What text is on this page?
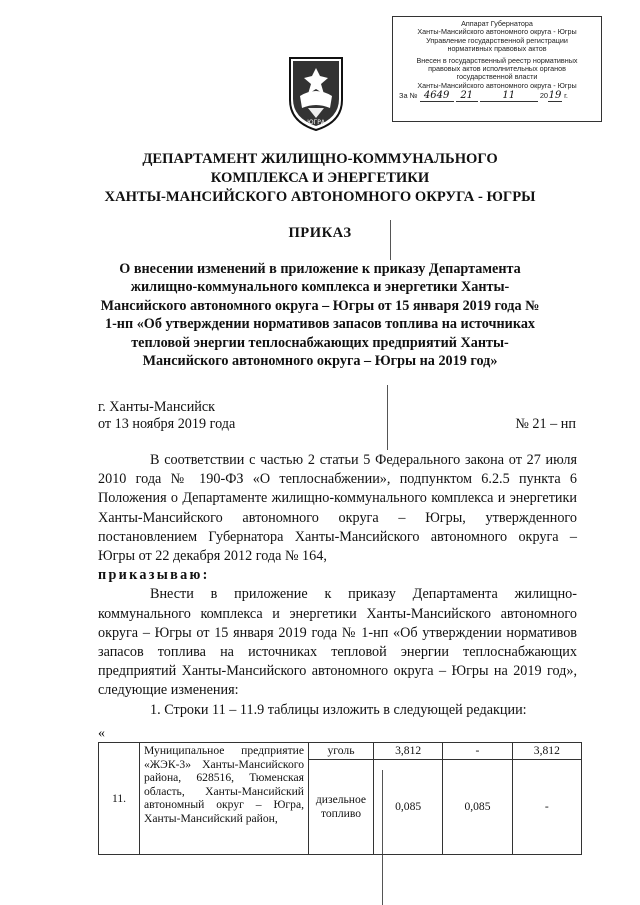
Аппарат Губернатора
Ханты-Мансийского автономного округа - Югры
Управление государственной регистрации
нормативных правовых актов
Внесен в государственный реестр нормативных
правовых актов исполнительных органов
государственной власти
Ханты-Мансийского автономного округа - Югры
За № 4649 21	11	2019 г.
ЮГРА
ДЕПАРТАМЕНТ ЖИЛИЩНО-КОММУНАЛЬНОГО
КОМПЛЕКСА И ЭНЕРГЕТИКИ
ХАНТЫ-МАНСИЙСКОГО АВТОНОМНОГО ОКРУГА - ЮГРЫ
ПРИКАЗ
О внесении изменений в приложение к приказу Департамента жилищно-коммунального комплекса и энергетики Ханты-Мансийского автономного округа – Югры от 15 января 2019 года № 1-нп «Об утверждении нормативов запасов топлива на источниках тепловой энергии теплоснабжающих предприятий Ханты-Мансийского автономного округа – Югры на 2019 год»
г. Ханты-Мансийск
от 13 ноября 2019 года	№ 21 – нп

В соответствии с частью 2 статьи 5 Федерального закона от 27 июля 2010 года № 190-ФЗ «О теплоснабжении», подпунктом 6.2.5 пункта 6 Положения о Департаменте жилищно-коммунального комплекса и энергетики Ханты-Мансийского автономного округа – Югры, утвержденного постановлением Губернатора Ханты-Мансийского автономного округа – Югры от 22 декабря 2012 года № 164,

приказываю:

Внести в приложение к приказу Департамента жилищно-коммунального комплекса и энергетики Ханты-Мансийского автономного округа – Югры от 15 января 2019 года № 1-нп «Об утверждении нормативов запасов топлива на источниках тепловой энергии теплоснабжающих предприятий Ханты-Мансийского автономного округа – Югры на 2019 год», следующие изменения:

1. Строки 11 – 11.9 таблицы изложить в следующей редакции:

«
11.	Муниципальное предприятие «ЖЭК-3» Ханты-Мансийского района, 628516, Тюменская область, Ханты-Мансийский автономный округ – Югра, Ханты-Мансийский район,	уголь	3,812	-	3,812
		дизельное топливо	0,085	0,085	-
